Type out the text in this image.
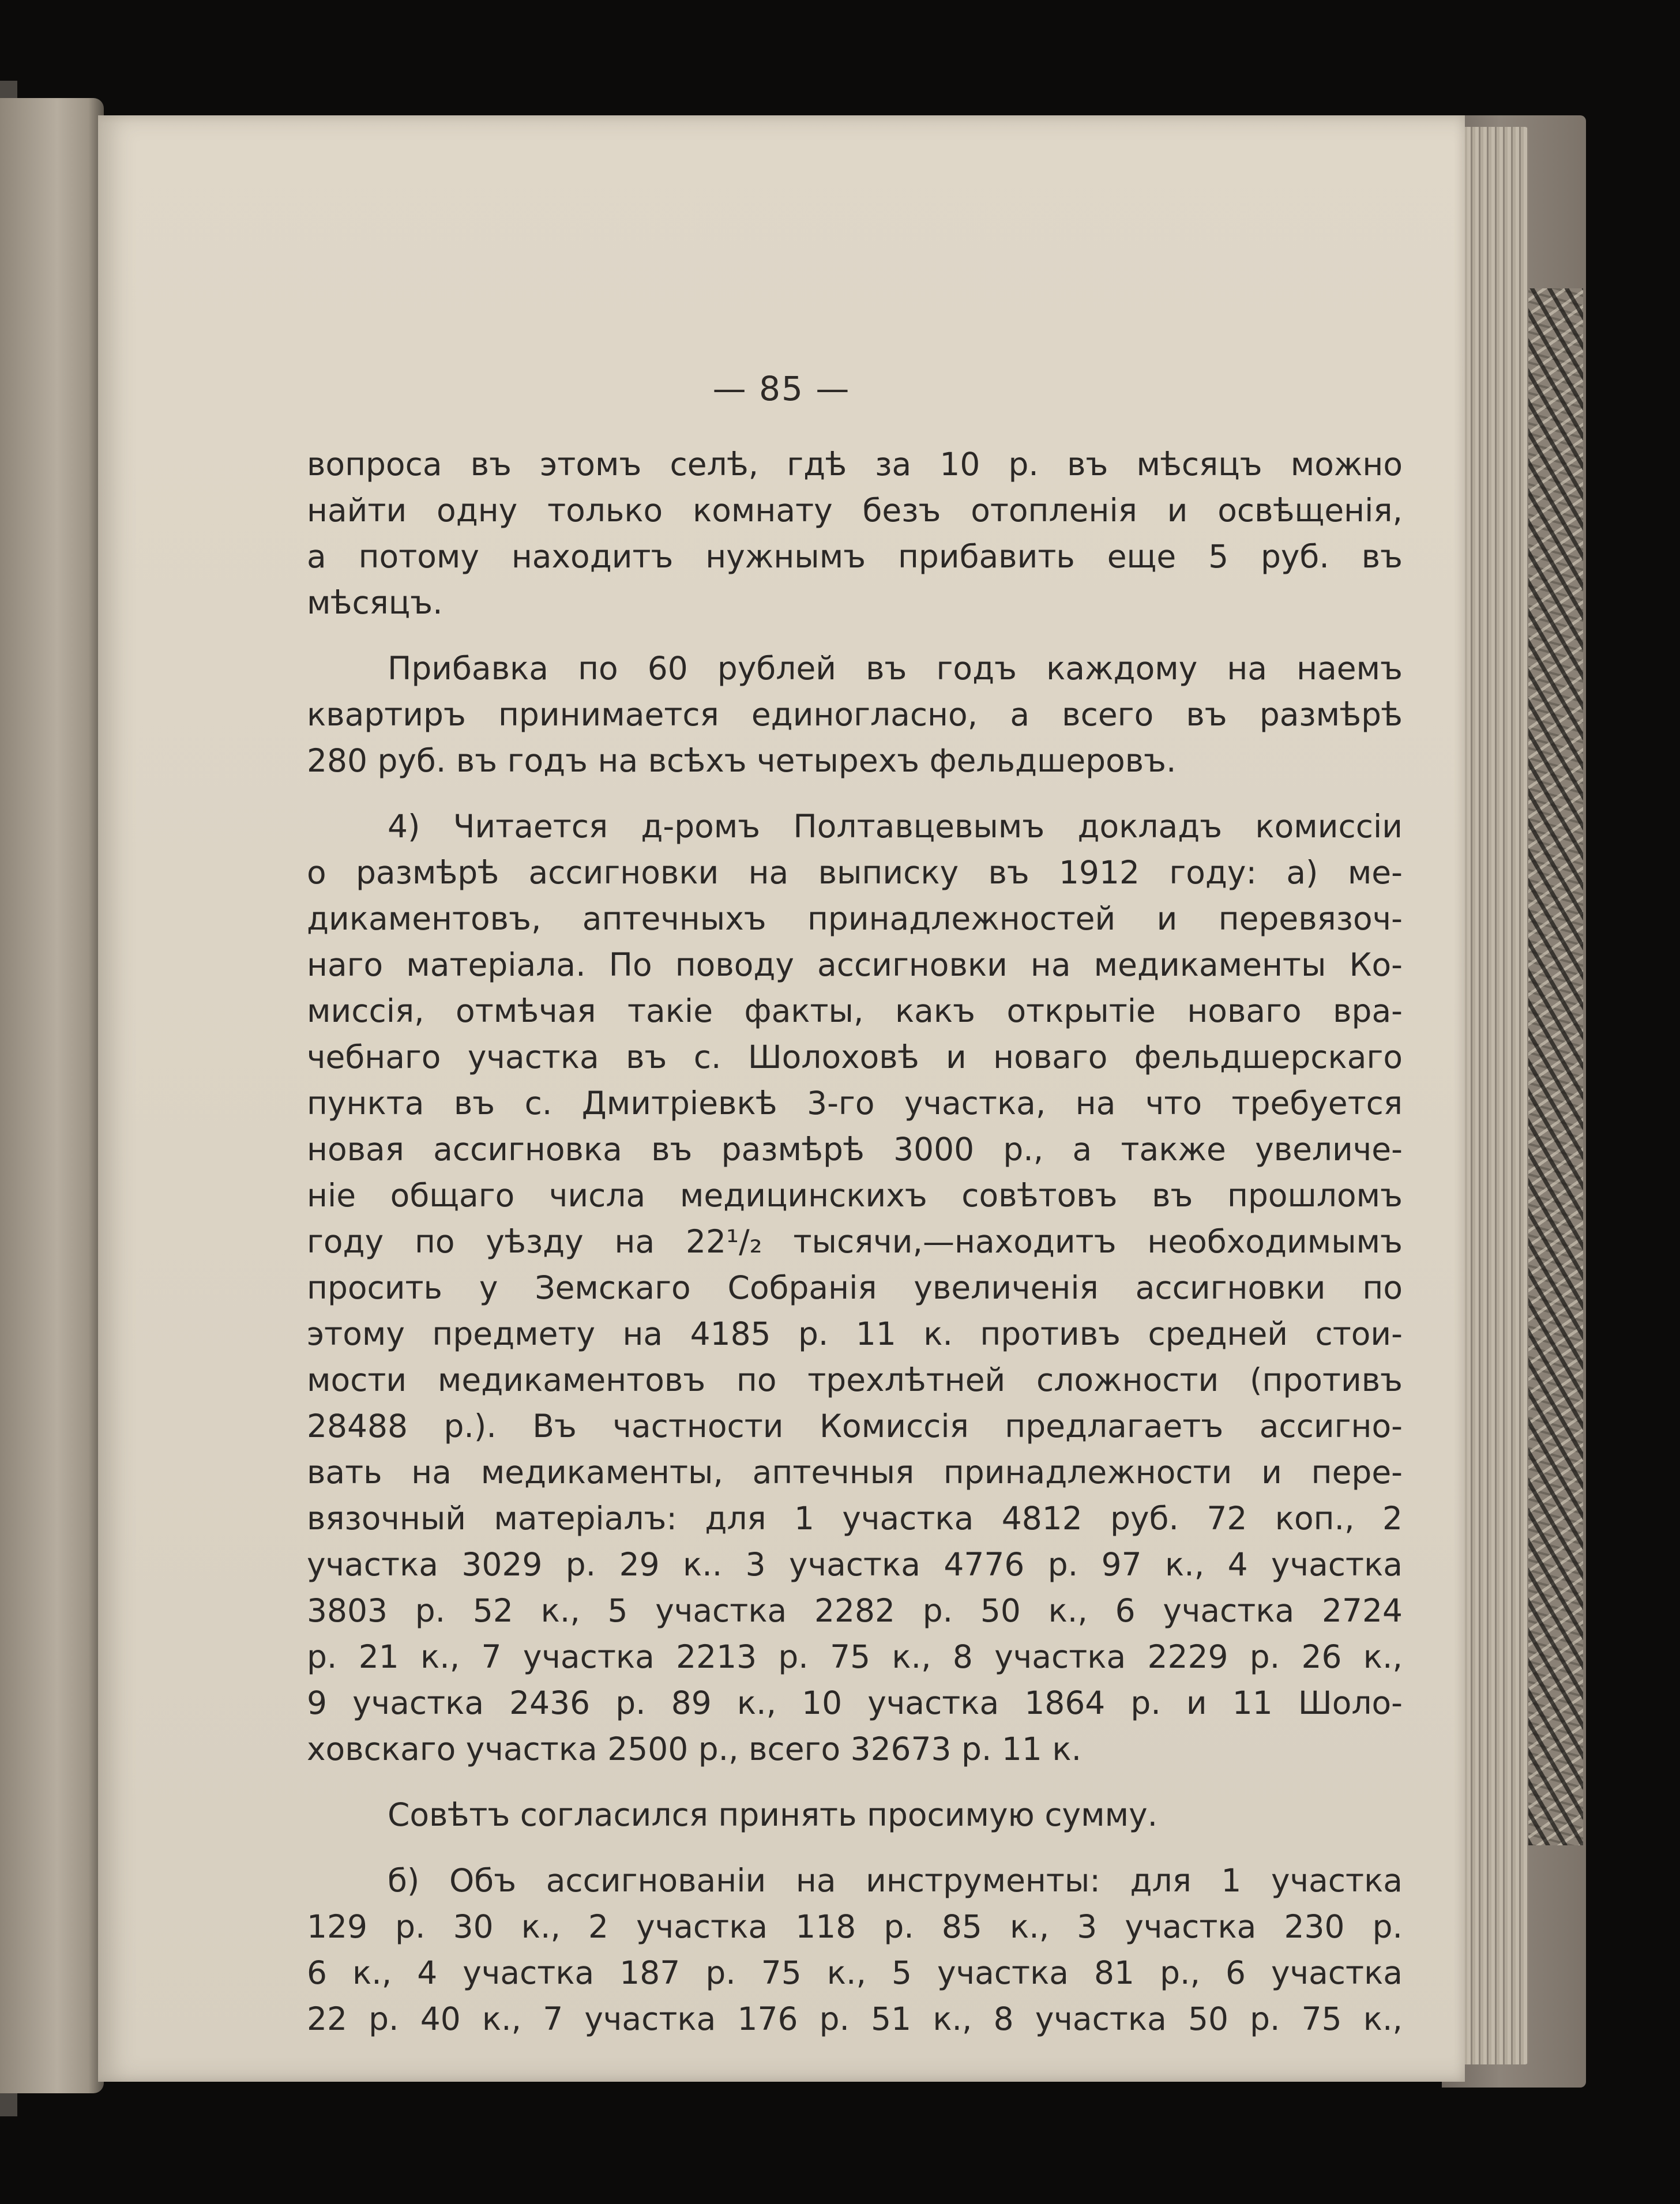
— 85 —
вопроса въ этомъ селѣ, гдѣ за 10 р. въ мѣсяцъ можно
найти одну только комнату безъ отопленія и освѣщенія,
а потому находитъ нужнымъ прибавить еще 5 руб. въ
мѣсяцъ.
Прибавка по 60 рублей въ годъ каждому на наемъ
квартиръ принимается единогласно, а всего въ размѣрѣ
280 руб. въ годъ на всѣхъ четырехъ фельдшеровъ.
4) Читается д-ромъ Полтавцевымъ докладъ комиссіи
о размѣрѣ ассигновки на выписку въ 1912 году: а) ме-
дикаментовъ, аптечныхъ принадлежностей и перевязоч-
наго матеріала. По поводу ассигновки на медикаменты Ко-
миссія, отмѣчая такіе факты, какъ открытіе новаго вра-
чебнаго участка въ с. Шолоховѣ и новаго фельдшерскаго
пункта въ с. Дмитріевкѣ 3-го участка, на что требуется
новая ассигновка въ размѣрѣ 3000 р., а также увеличе-
ніе общаго числа медицинскихъ совѣтовъ въ прошломъ
году по уѣзду на 22¹/₂ тысячи,—находитъ необходимымъ
просить у Земскаго Собранія увеличенія ассигновки по
этому предмету на 4185 р. 11 к. противъ средней стои-
мости медикаментовъ по трехлѣтней сложности (противъ
28488 р.). Въ частности Комиссія предлагаетъ ассигно-
вать на медикаменты, аптечныя принадлежности и пере-
вязочный матеріалъ: для 1 участка 4812 руб. 72 коп., 2
участка 3029 р. 29 к.. 3 участка 4776 р. 97 к., 4 участка
3803 р. 52 к., 5 участка 2282 р. 50 к., 6 участка 2724
р. 21 к., 7 участка 2213 р. 75 к., 8 участка 2229 р. 26 к.,
9 участка 2436 р. 89 к., 10 участка 1864 р. и 11 Шоло-
ховскаго участка 2500 р., всего 32673 р. 11 к.
Совѣтъ согласился принять просимую сумму.
б) Объ ассигнованіи на инструменты: для 1 участка
129 р. 30 к., 2 участка 118 р. 85 к., 3 участка 230 р.
6 к., 4 участка 187 р. 75 к., 5 участка 81 р., 6 участка
22 р. 40 к., 7 участка 176 р. 51 к., 8 участка 50 р. 75 к.,
